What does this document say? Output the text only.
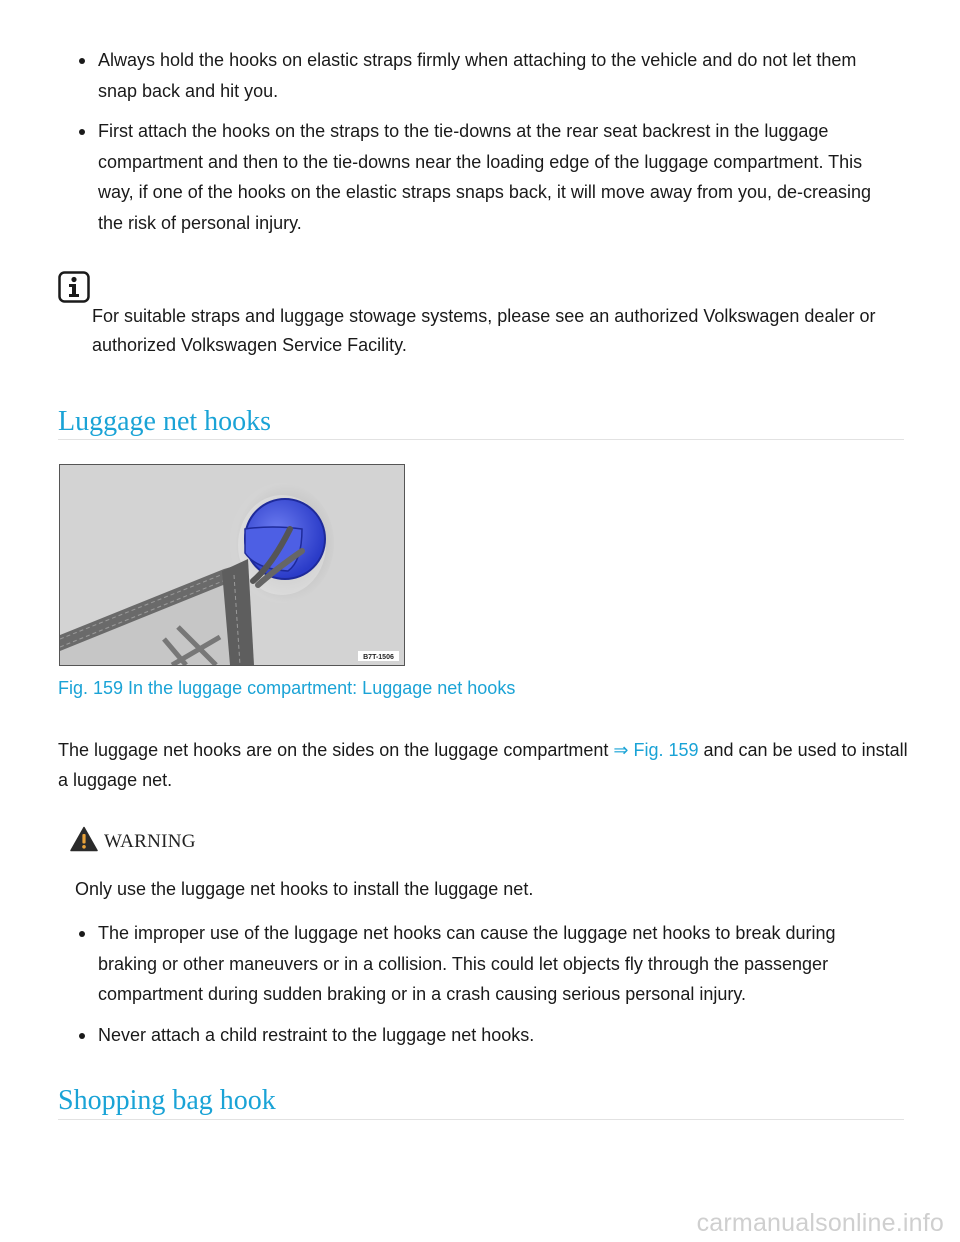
Always hold the hooks on elastic straps firmly when attaching to the vehicle and do not let them snap back and hit you.
First attach the hooks on the straps to the tie-downs at the rear seat backrest in the luggage compartment and then to the tie-downs near the loading edge of the luggage compartment. This way, if one of the hooks on the elastic straps snaps back, it will move away from you, de-creasing the risk of personal injury.
For suitable straps and luggage stowage systems, please see an authorized Volkswagen dealer or authorized Volkswagen Service Facility.
Luggage net hooks
B7T-1506
Fig. 159 In the luggage compartment: Luggage net hooks
The luggage net hooks are on the sides on the luggage compartment ⇒ Fig. 159 and can be used to install a luggage net.
WARNING
Only use the luggage net hooks to install the luggage net.
The improper use of the luggage net hooks can cause the luggage net hooks to break during braking or other maneuvers or in a collision. This could let objects fly through the passenger compartment during sudden braking or in a crash causing serious personal injury.
Never attach a child restraint to the luggage net hooks.
Shopping bag hook
carmanualsonline.info
